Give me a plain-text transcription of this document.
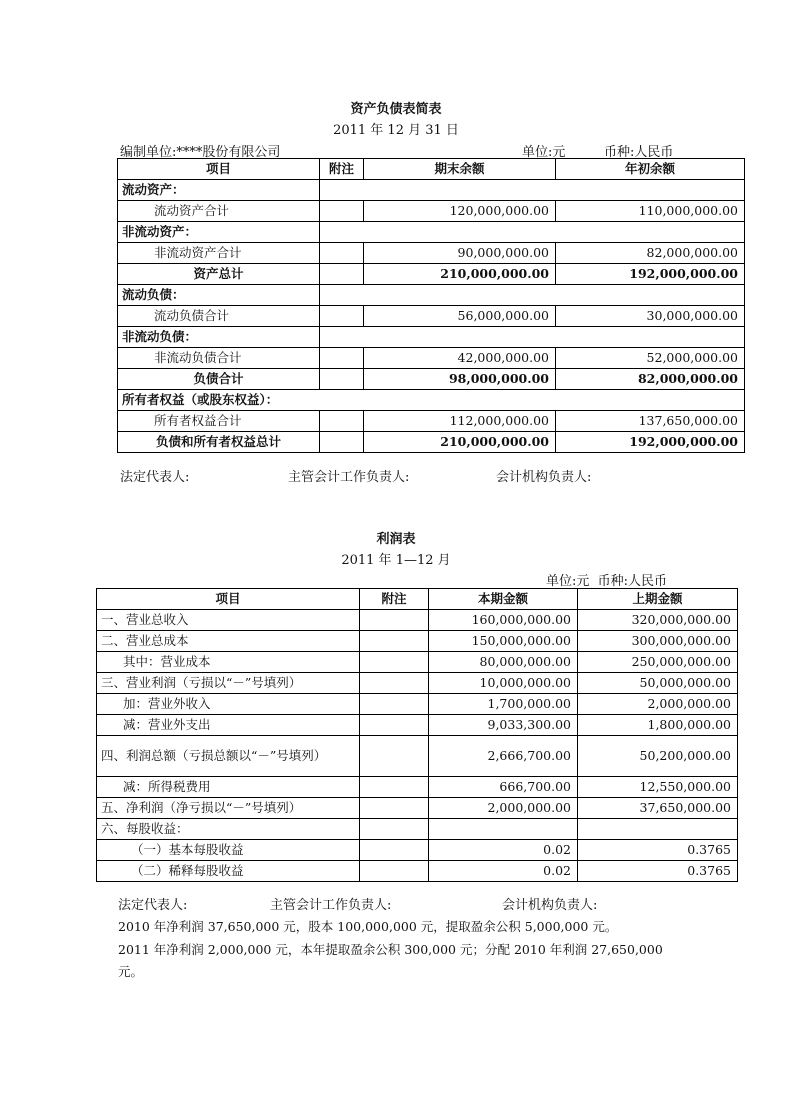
资产负债表简表
2011 年 12 月 31 日
编制单位:****股份有限公司	单位:元	币种:人民币
项目	附注	期末余额	年初余额
流动资产：			
流动资产合计		120,000,000.00	110,000,000.00
非流动资产：			
非流动资产合计		90,000,000.00	82,000,000.00
资产总计		210,000,000.00	192,000,000.00
流动负债：			
流动负债合计		56,000,000.00	30,000,000.00
非流动负债：			
非流动负债合计		42,000,000.00	52,000,000.00
负债合计		98,000,000.00	82,000,000.00
所有者权益（或股东权益）：			
所有者权益合计		112,000,000.00	137,650,000.00
负债和所有者权益总计		210,000,000.00	192,000,000.00
法定代表人:	主管会计工作负责人:	会计机构负责人:
利润表
2011 年 1—12 月
单位:元  币种:人民币
项目	附注	本期金额	上期金额
一、营业总收入		160,000,000.00	320,000,000.00
二、营业总成本		150,000,000.00	300,000,000.00
其中：营业成本		80,000,000.00	250,000,000.00
三、营业利润（亏损以“－”号填列）		10,000,000.00	50,000,000.00
加：营业外收入		1,700,000.00	2,000,000.00
减：营业外支出		9,033,300.00	1,800,000.00
四、利润总额（亏损总额以“－”号填列）		2,666,700.00	50,200,000.00
减：所得税费用		666,700.00	12,550,000.00
五、净利润（净亏损以“－”号填列）		2,000,000.00	37,650,000.00
六、每股收益：			
（一）基本每股收益		0.02	0.3765
（二）稀释每股收益		0.02	0.3765
法定代表人:	主管会计工作负责人:	会计机构负责人:
2010 年净利润 37,650,000 元，股本 100,000,000 元，提取盈余公积 5,000,000 元。
2011 年净利润 2,000,000 元，本年提取盈余公积 300,000 元；分配 2010 年利润 27,650,000
元。
